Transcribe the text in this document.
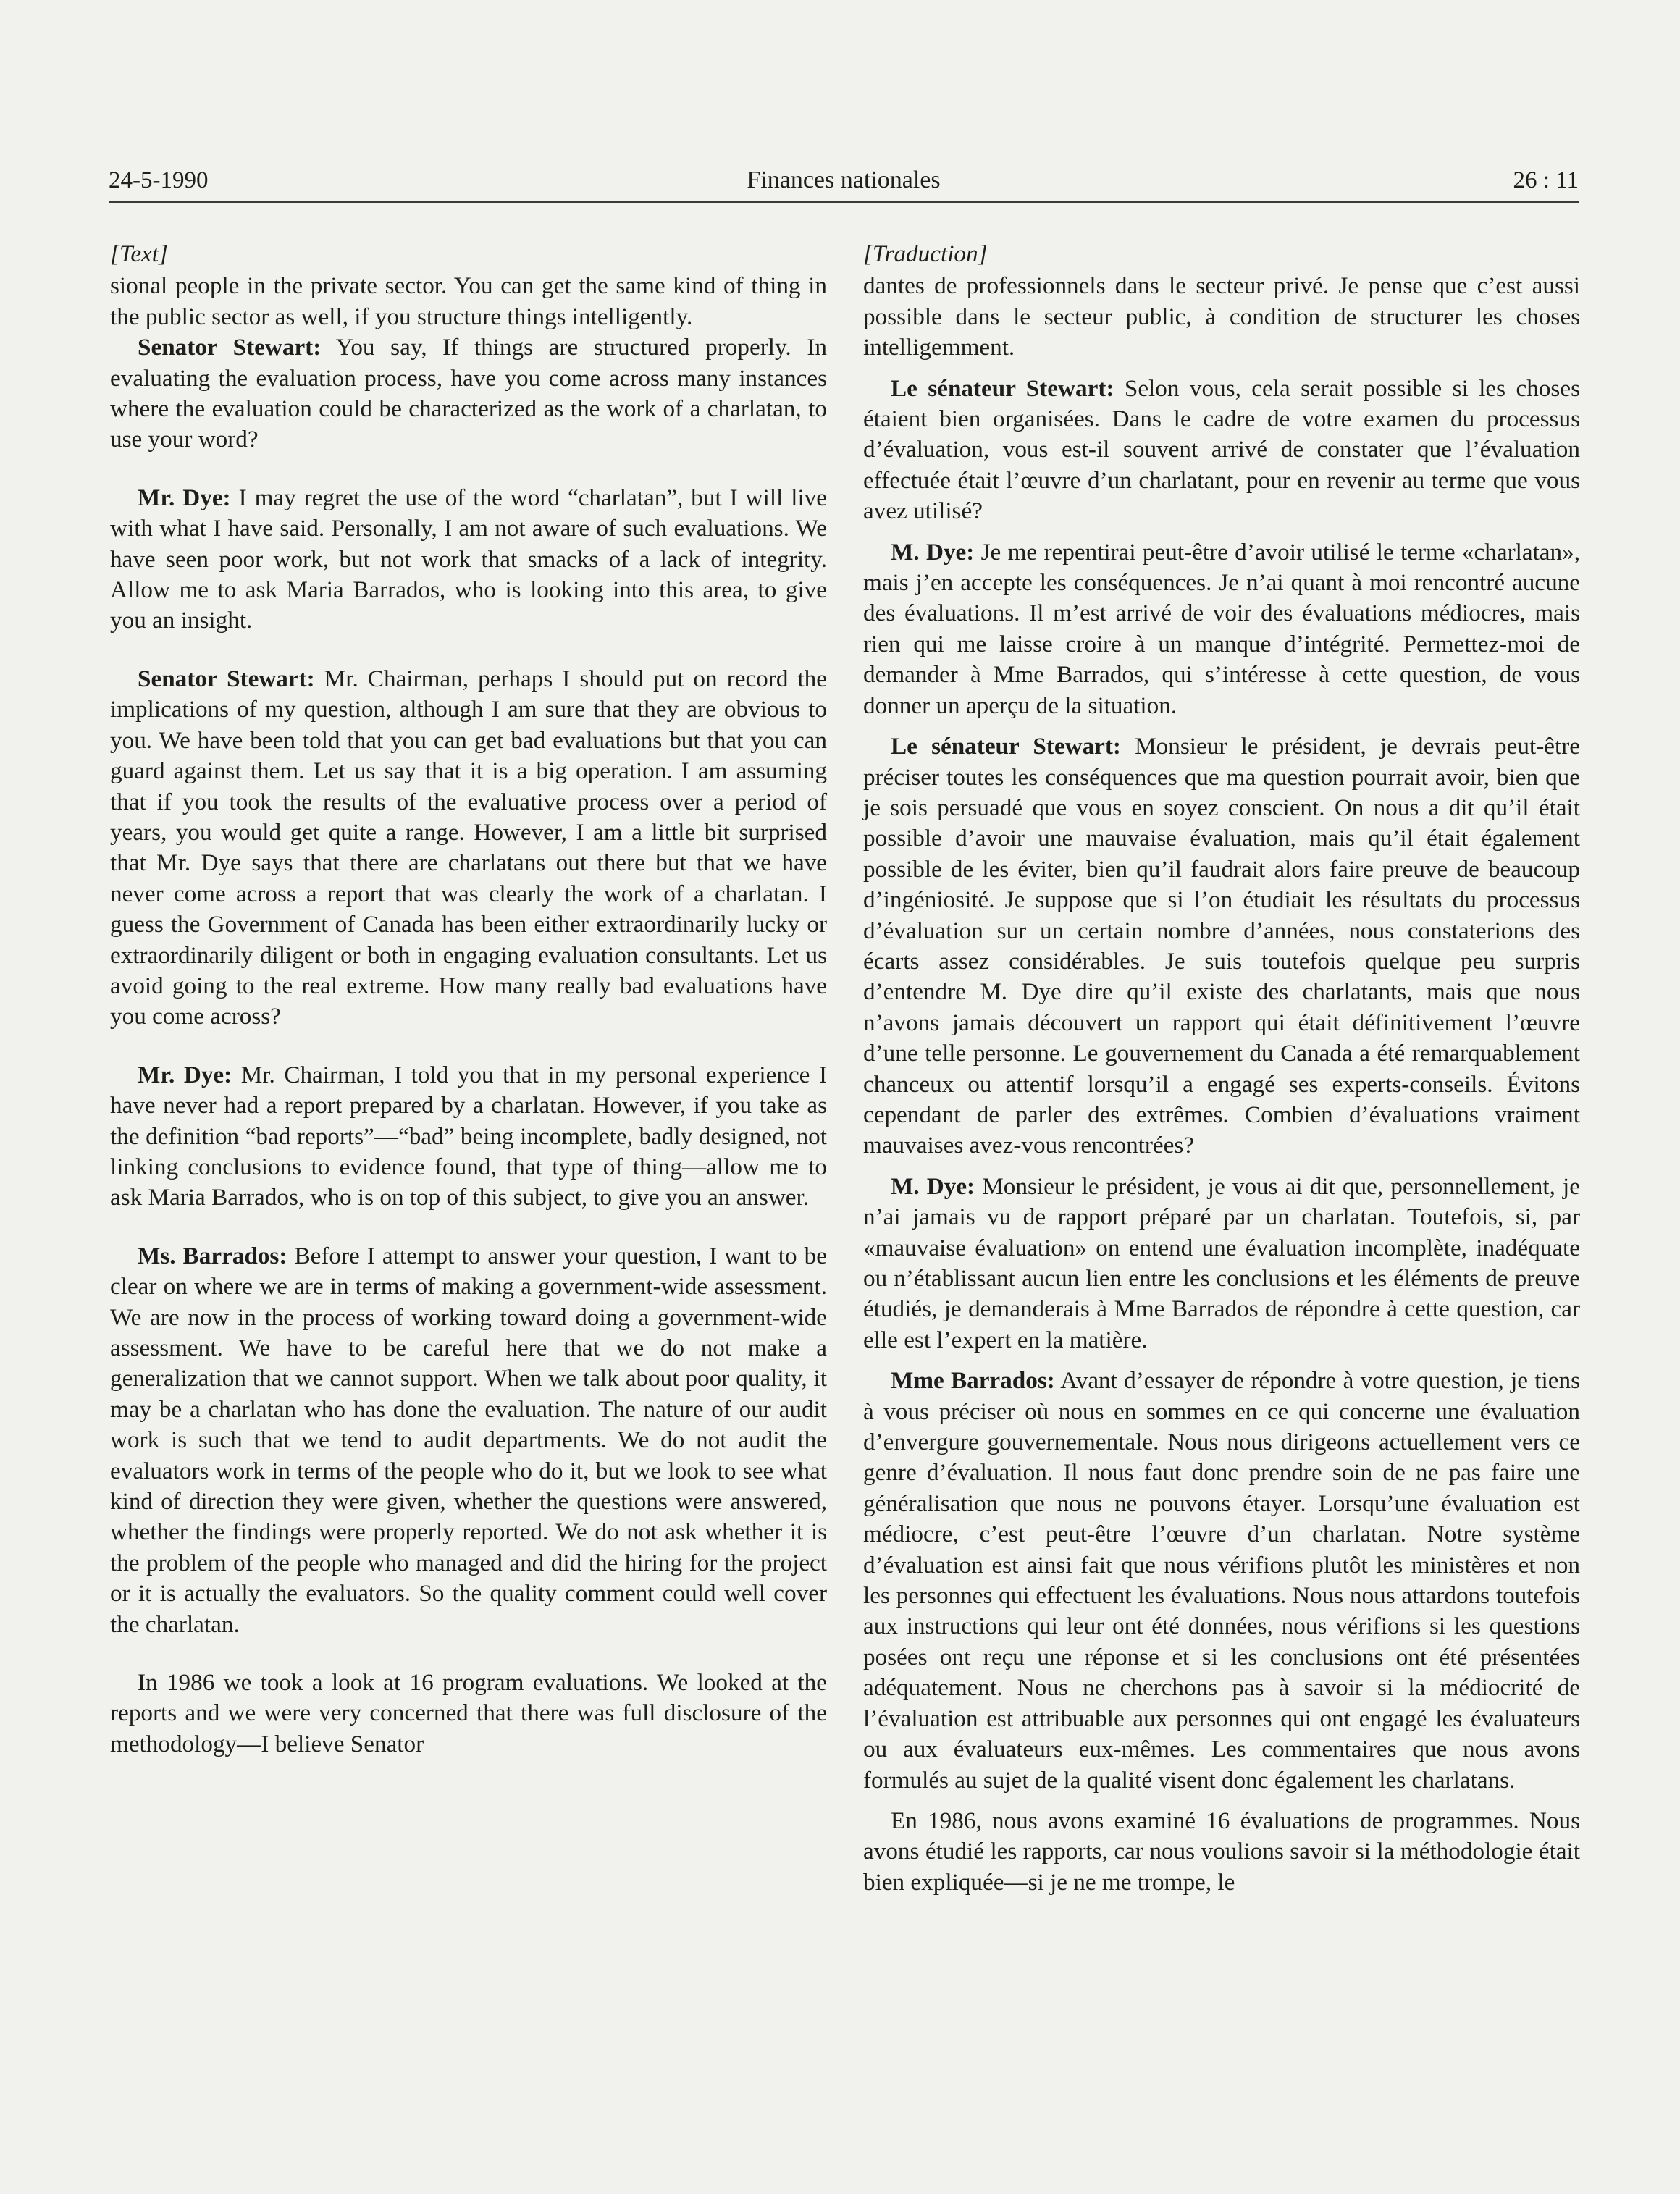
24-5-1990	Finances nationales	26 : 11
[Text]

sional people in the private sector. You can get the same kind of thing in the public sector as well, if you structure things intelligently.

Senator Stewart: You say, If things are structured properly. In evaluating the evaluation process, have you come across many instances where the evaluation could be characterized as the work of a charlatan, to use your word?

Mr. Dye: I may regret the use of the word “charlatan”, but I will live with what I have said. Personally, I am not aware of such evaluations. We have seen poor work, but not work that smacks of a lack of integrity. Allow me to ask Maria Barrados, who is looking into this area, to give you an insight.

Senator Stewart: Mr. Chairman, perhaps I should put on record the implications of my question, although I am sure that they are obvious to you. We have been told that you can get bad evaluations but that you can guard against them. Let us say that it is a big operation. I am assuming that if you took the results of the evaluative process over a period of years, you would get quite a range. However, I am a little bit surprised that Mr. Dye says that there are charlatans out there but that we have never come across a report that was clearly the work of a charlatan. I guess the Government of Canada has been either extraordinarily lucky or extraordinarily diligent or both in engaging evaluation consultants. Let us avoid going to the real extreme. How many really bad evaluations have you come across?

Mr. Dye: Mr. Chairman, I told you that in my personal experience I have never had a report prepared by a charlatan. However, if you take as the definition “bad reports”—“bad” being incomplete, badly designed, not linking conclusions to evidence found, that type of thing—allow me to ask Maria Barrados, who is on top of this subject, to give you an answer.

Ms. Barrados: Before I attempt to answer your question, I want to be clear on where we are in terms of making a government-wide assessment. We are now in the process of working toward doing a government-wide assessment. We have to be careful here that we do not make a generalization that we cannot support. When we talk about poor quality, it may be a charlatan who has done the evaluation. The nature of our audit work is such that we tend to audit departments. We do not audit the evaluators work in terms of the people who do it, but we look to see what kind of direction they were given, whether the questions were answered, whether the findings were properly reported. We do not ask whether it is the problem of the people who managed and did the hiring for the project or it is actually the evaluators. So the quality comment could well cover the charlatan.

In 1986 we took a look at 16 program evaluations. We looked at the reports and we were very concerned that there was full disclosure of the methodology—I believe Senator

[Traduction]

dantes de professionnels dans le secteur privé. Je pense que c’est aussi possible dans le secteur public, à condition de structurer les choses intelligemment.

Le sénateur Stewart: Selon vous, cela serait possible si les choses étaient bien organisées. Dans le cadre de votre examen du processus d’évaluation, vous est-il souvent arrivé de constater que l’évaluation effectuée était l’œuvre d’un charlatant, pour en revenir au terme que vous avez utilisé?

M. Dye: Je me repentirai peut-être d’avoir utilisé le terme «charlatan», mais j’en accepte les conséquences. Je n’ai quant à moi rencontré aucune des évaluations. Il m’est arrivé de voir des évaluations médiocres, mais rien qui me laisse croire à un manque d’intégrité. Permettez-moi de demander à Mme Barrados, qui s’intéresse à cette question, de vous donner un aperçu de la situation.

Le sénateur Stewart: Monsieur le président, je devrais peut-être préciser toutes les conséquences que ma question pourrait avoir, bien que je sois persuadé que vous en soyez conscient. On nous a dit qu’il était possible d’avoir une mauvaise évaluation, mais qu’il était également possible de les éviter, bien qu’il faudrait alors faire preuve de beaucoup d’ingéniosité. Je suppose que si l’on étudiait les résultats du processus d’évaluation sur un certain nombre d’années, nous constaterions des écarts assez considérables. Je suis toutefois quelque peu surpris d’entendre M. Dye dire qu’il existe des charlatants, mais que nous n’avons jamais découvert un rapport qui était définitivement l’œuvre d’une telle personne. Le gouvernement du Canada a été remarquablement chanceux ou attentif lorsqu’il a engagé ses experts-conseils. Évitons cependant de parler des extrêmes. Combien d’évaluations vraiment mauvaises avez-vous rencontrées?

M. Dye: Monsieur le président, je vous ai dit que, personnellement, je n’ai jamais vu de rapport préparé par un charlatan. Toutefois, si, par «mauvaise évaluation» on entend une évaluation incomplète, inadéquate ou n’établissant aucun lien entre les conclusions et les éléments de preuve étudiés, je demanderais à Mme Barrados de répondre à cette question, car elle est l’expert en la matière.

Mme Barrados: Avant d’essayer de répondre à votre question, je tiens à vous préciser où nous en sommes en ce qui concerne une évaluation d’envergure gouvernementale. Nous nous dirigeons actuellement vers ce genre d’évaluation. Il nous faut donc prendre soin de ne pas faire une généralisation que nous ne pouvons étayer. Lorsqu’une évaluation est médiocre, c’est peut-être l’œuvre d’un charlatan. Notre système d’évaluation est ainsi fait que nous vérifions plutôt les ministères et non les personnes qui effectuent les évaluations. Nous nous attardons toutefois aux instructions qui leur ont été données, nous vérifions si les questions posées ont reçu une réponse et si les conclusions ont été présentées adéquatement. Nous ne cherchons pas à savoir si la médiocrité de l’évaluation est attribuable aux personnes qui ont engagé les évaluateurs ou aux évaluateurs eux-mêmes. Les commentaires que nous avons formulés au sujet de la qualité visent donc également les charlatans.

En 1986, nous avons examiné 16 évaluations de programmes. Nous avons étudié les rapports, car nous voulions savoir si la méthodologie était bien expliquée—si je ne me trompe, le
